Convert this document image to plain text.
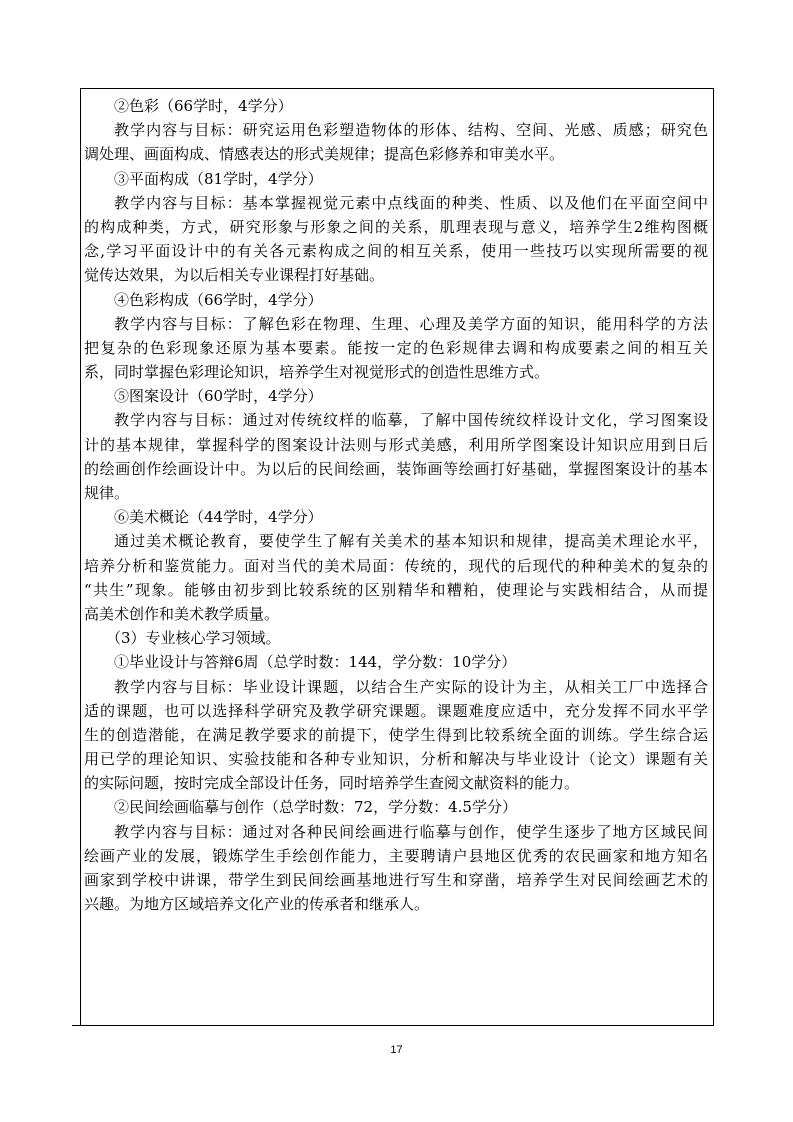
②色彩（66学时，4学分）
教学内容与目标：研究运用色彩塑造物体的形体、结构、空间、光感、质感；研究色
调处理、画面构成、情感表达的形式美规律；提高色彩修养和审美水平。
③平面构成（81学时，4学分）
教学内容与目标：基本掌握视觉元素中点线面的种类、性质、以及他们在平面空间中
的构成种类，方式，研究形象与形象之间的关系，肌理表现与意义，培养学生2维构图概
念,学习平面设计中的有关各元素构成之间的相互关系，使用一些技巧以实现所需要的视
觉传达效果，为以后相关专业课程打好基础。
④色彩构成（66学时，4学分）
教学内容与目标：了解色彩在物理、生理、心理及美学方面的知识，能用科学的方法
把复杂的色彩现象还原为基本要素。能按一定的色彩规律去调和构成要素之间的相互关
系，同时掌握色彩理论知识，培养学生对视觉形式的创造性思维方式。
⑤图案设计（60学时，4学分）
教学内容与目标：通过对传统纹样的临摹，了解中国传统纹样设计文化，学习图案设
计的基本规律，掌握科学的图案设计法则与形式美感，利用所学图案设计知识应用到日后
的绘画创作绘画设计中。为以后的民间绘画，装饰画等绘画打好基础，掌握图案设计的基本
规律。
⑥美术概论（44学时，4学分）
通过美术概论教育，要使学生了解有关美术的基本知识和规律，提高美术理论水平，
培养分析和鉴赏能力。面对当代的美术局面：传统的，现代的后现代的种种美术的复杂的
“共生”现象。能够由初步到比较系统的区别精华和糟粕，使理论与实践相结合，从而提
高美术创作和美术教学质量。
（3）专业核心学习领域。
①毕业设计与答辩6周（总学时数：144，学分数：10学分）
教学内容与目标：毕业设计课题，以结合生产实际的设计为主，从相关工厂中选择合
适的课题，也可以选择科学研究及教学研究课题。课题难度应适中，充分发挥不同水平学
生的创造潜能，在满足教学要求的前提下，使学生得到比较系统全面的训练。学生综合运
用已学的理论知识、实验技能和各种专业知识，分析和解决与毕业设计（论文）课题有关
的实际问题，按时完成全部设计任务，同时培养学生查阅文献资料的能力。
②民间绘画临摹与创作（总学时数：72，学分数：4.5学分）
教学内容与目标：通过对各种民间绘画进行临摹与创作，使学生逐步了地方区域民间
绘画产业的发展，锻炼学生手绘创作能力，主要聘请户县地区优秀的农民画家和地方知名
画家到学校中讲课，带学生到民间绘画基地进行写生和穿凿，培养学生对民间绘画艺术的
兴趣。为地方区域培养文化产业的传承者和继承人。
17
